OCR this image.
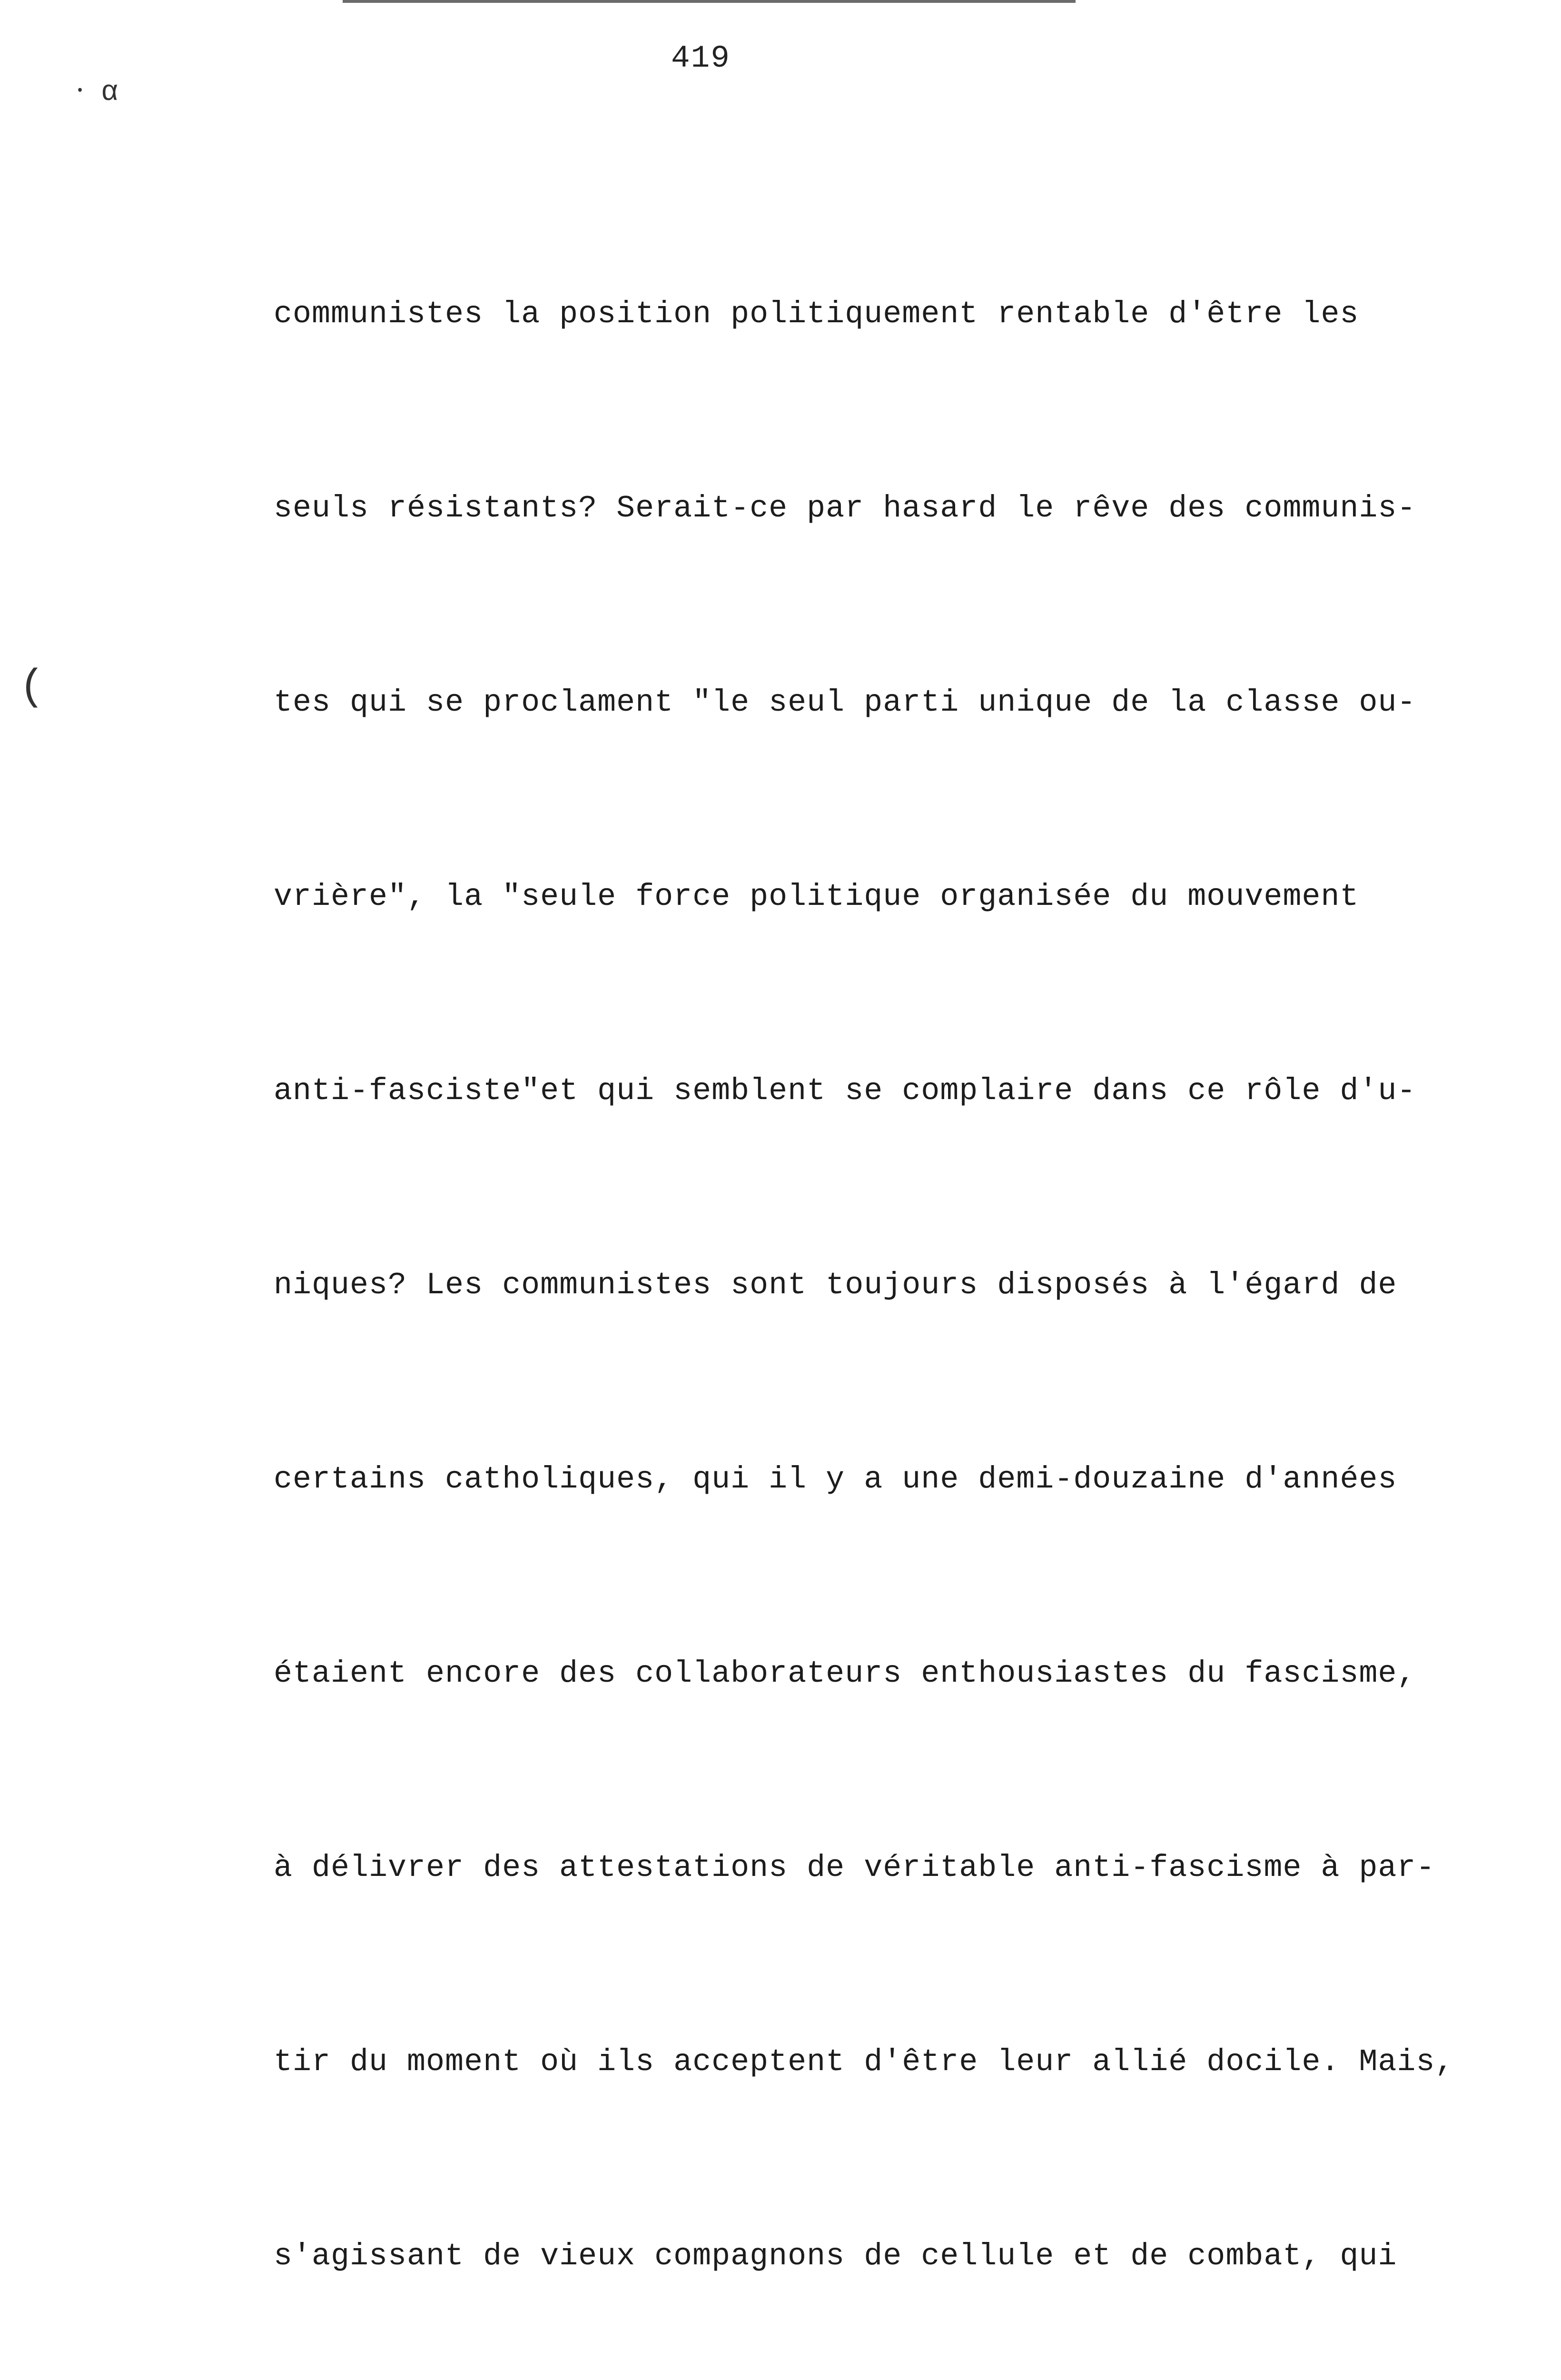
419
⸱ α
(

communistes la position politiquement rentable d'être les

seuls résistants? Serait-ce par hasard le rêve des communis-

tes qui se proclament "le seul parti unique de la classe ou-

vrière", la "seule force politique organisée du mouvement

anti-fasciste"et qui semblent se complaire dans ce rôle d'u-

niques? Les communistes sont toujours disposés à l'égard de

certains catholiques, qui il y a une demi-douzaine d'années

étaient encore des collaborateurs enthousiastes du fascisme,

à délivrer des attestations de véritable anti-fascisme à par-

tir du moment où ils acceptent d'être leur allié docile. Mais,

s'agissant de vieux compagnons de cellule et de combat, qui
